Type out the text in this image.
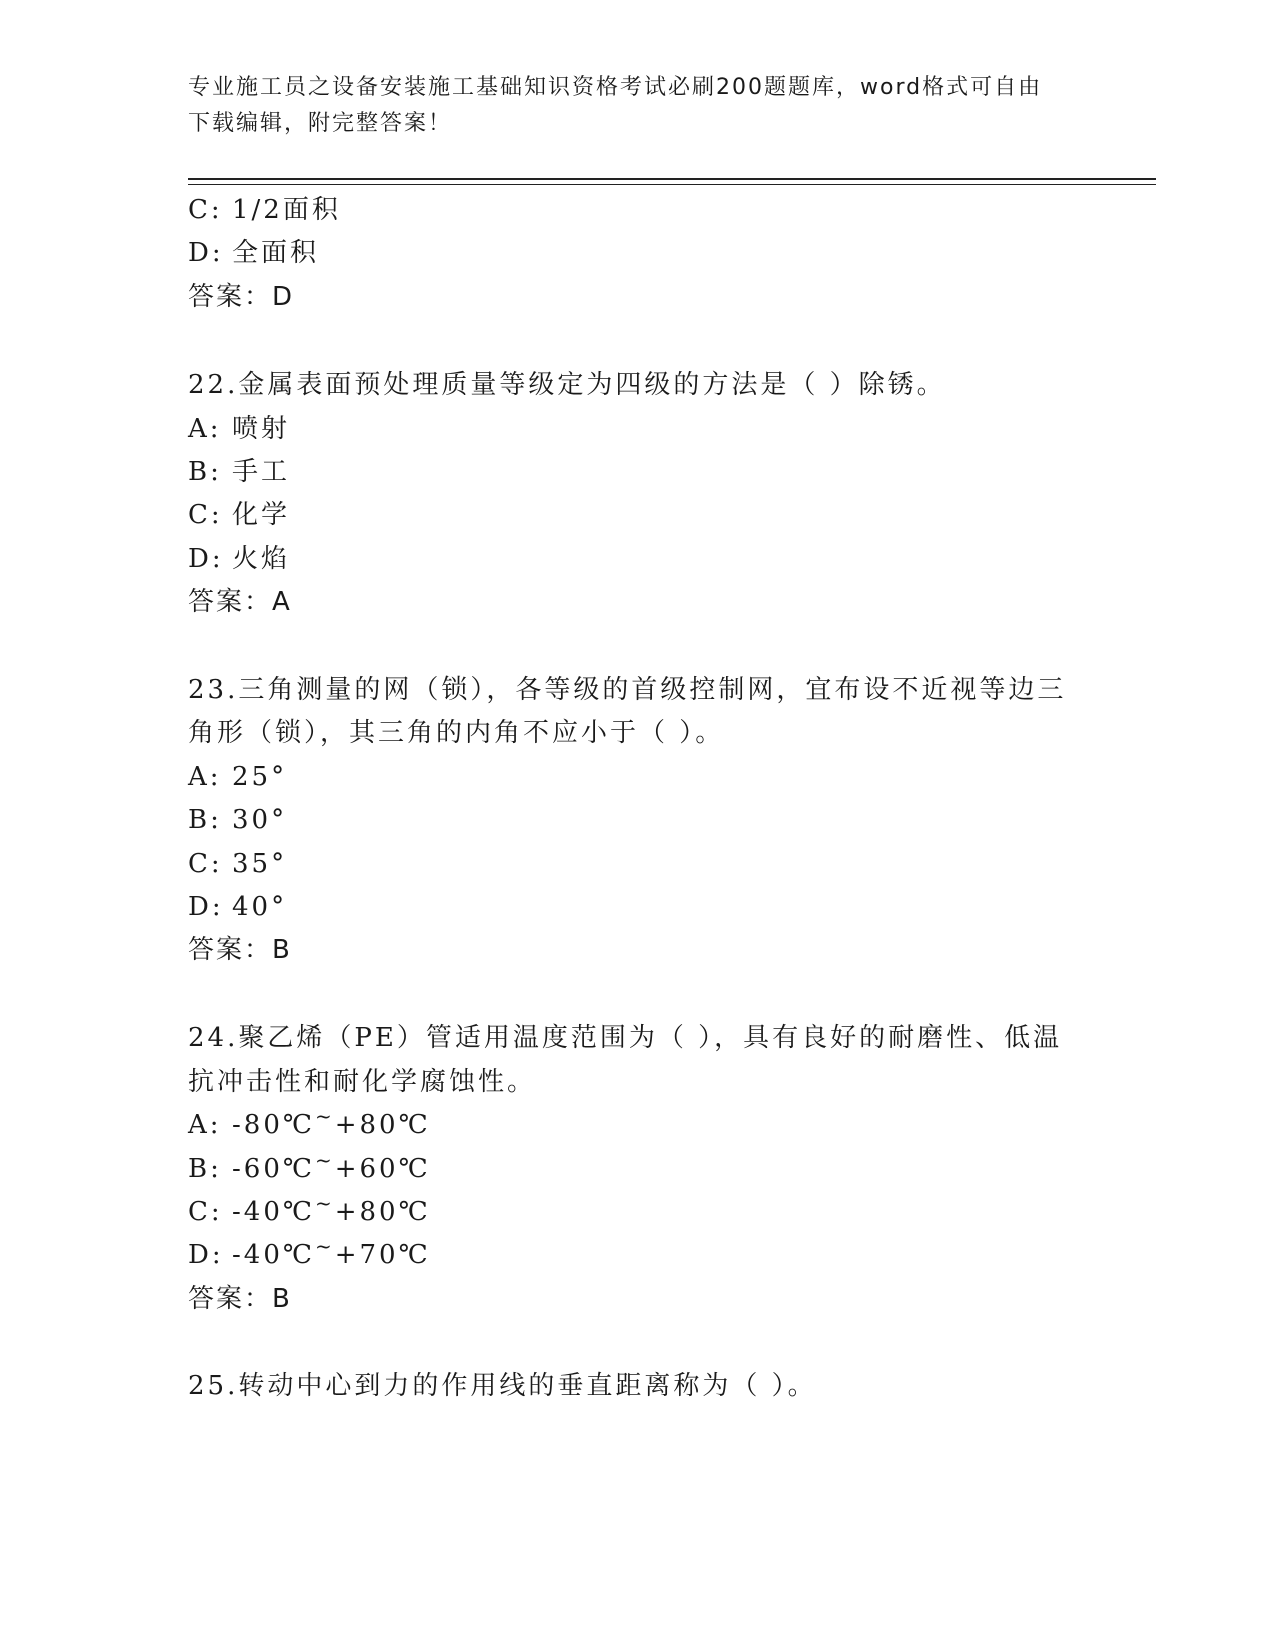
专业施工员之设备安装施工基础知识资格考试必刷200题题库，word格式可自由
下载编辑，附完整答案！
C: 1/2面积
D: 全面积
答案：D
22.金属表面预处理质量等级定为四级的方法是（ ）除锈。
A: 喷射
B: 手工
C: 化学
D: 火焰
答案：A
23.三角测量的网（锁），各等级的首级控制网，宜布设不近视等边三
角形（锁），其三角的内角不应小于（ ）。
A: 25°
B: 30°
C: 35°
D: 40°
答案：B
24.聚乙烯（PE）管适用温度范围为（ ），具有良好的耐磨性、低温
抗冲击性和耐化学腐蚀性。
A: -80℃~+80℃
B: -60℃~+60℃
C: -40℃~+80℃
D: -40℃~+70℃
答案：B
25.转动中心到力的作用线的垂直距离称为（ ）。
